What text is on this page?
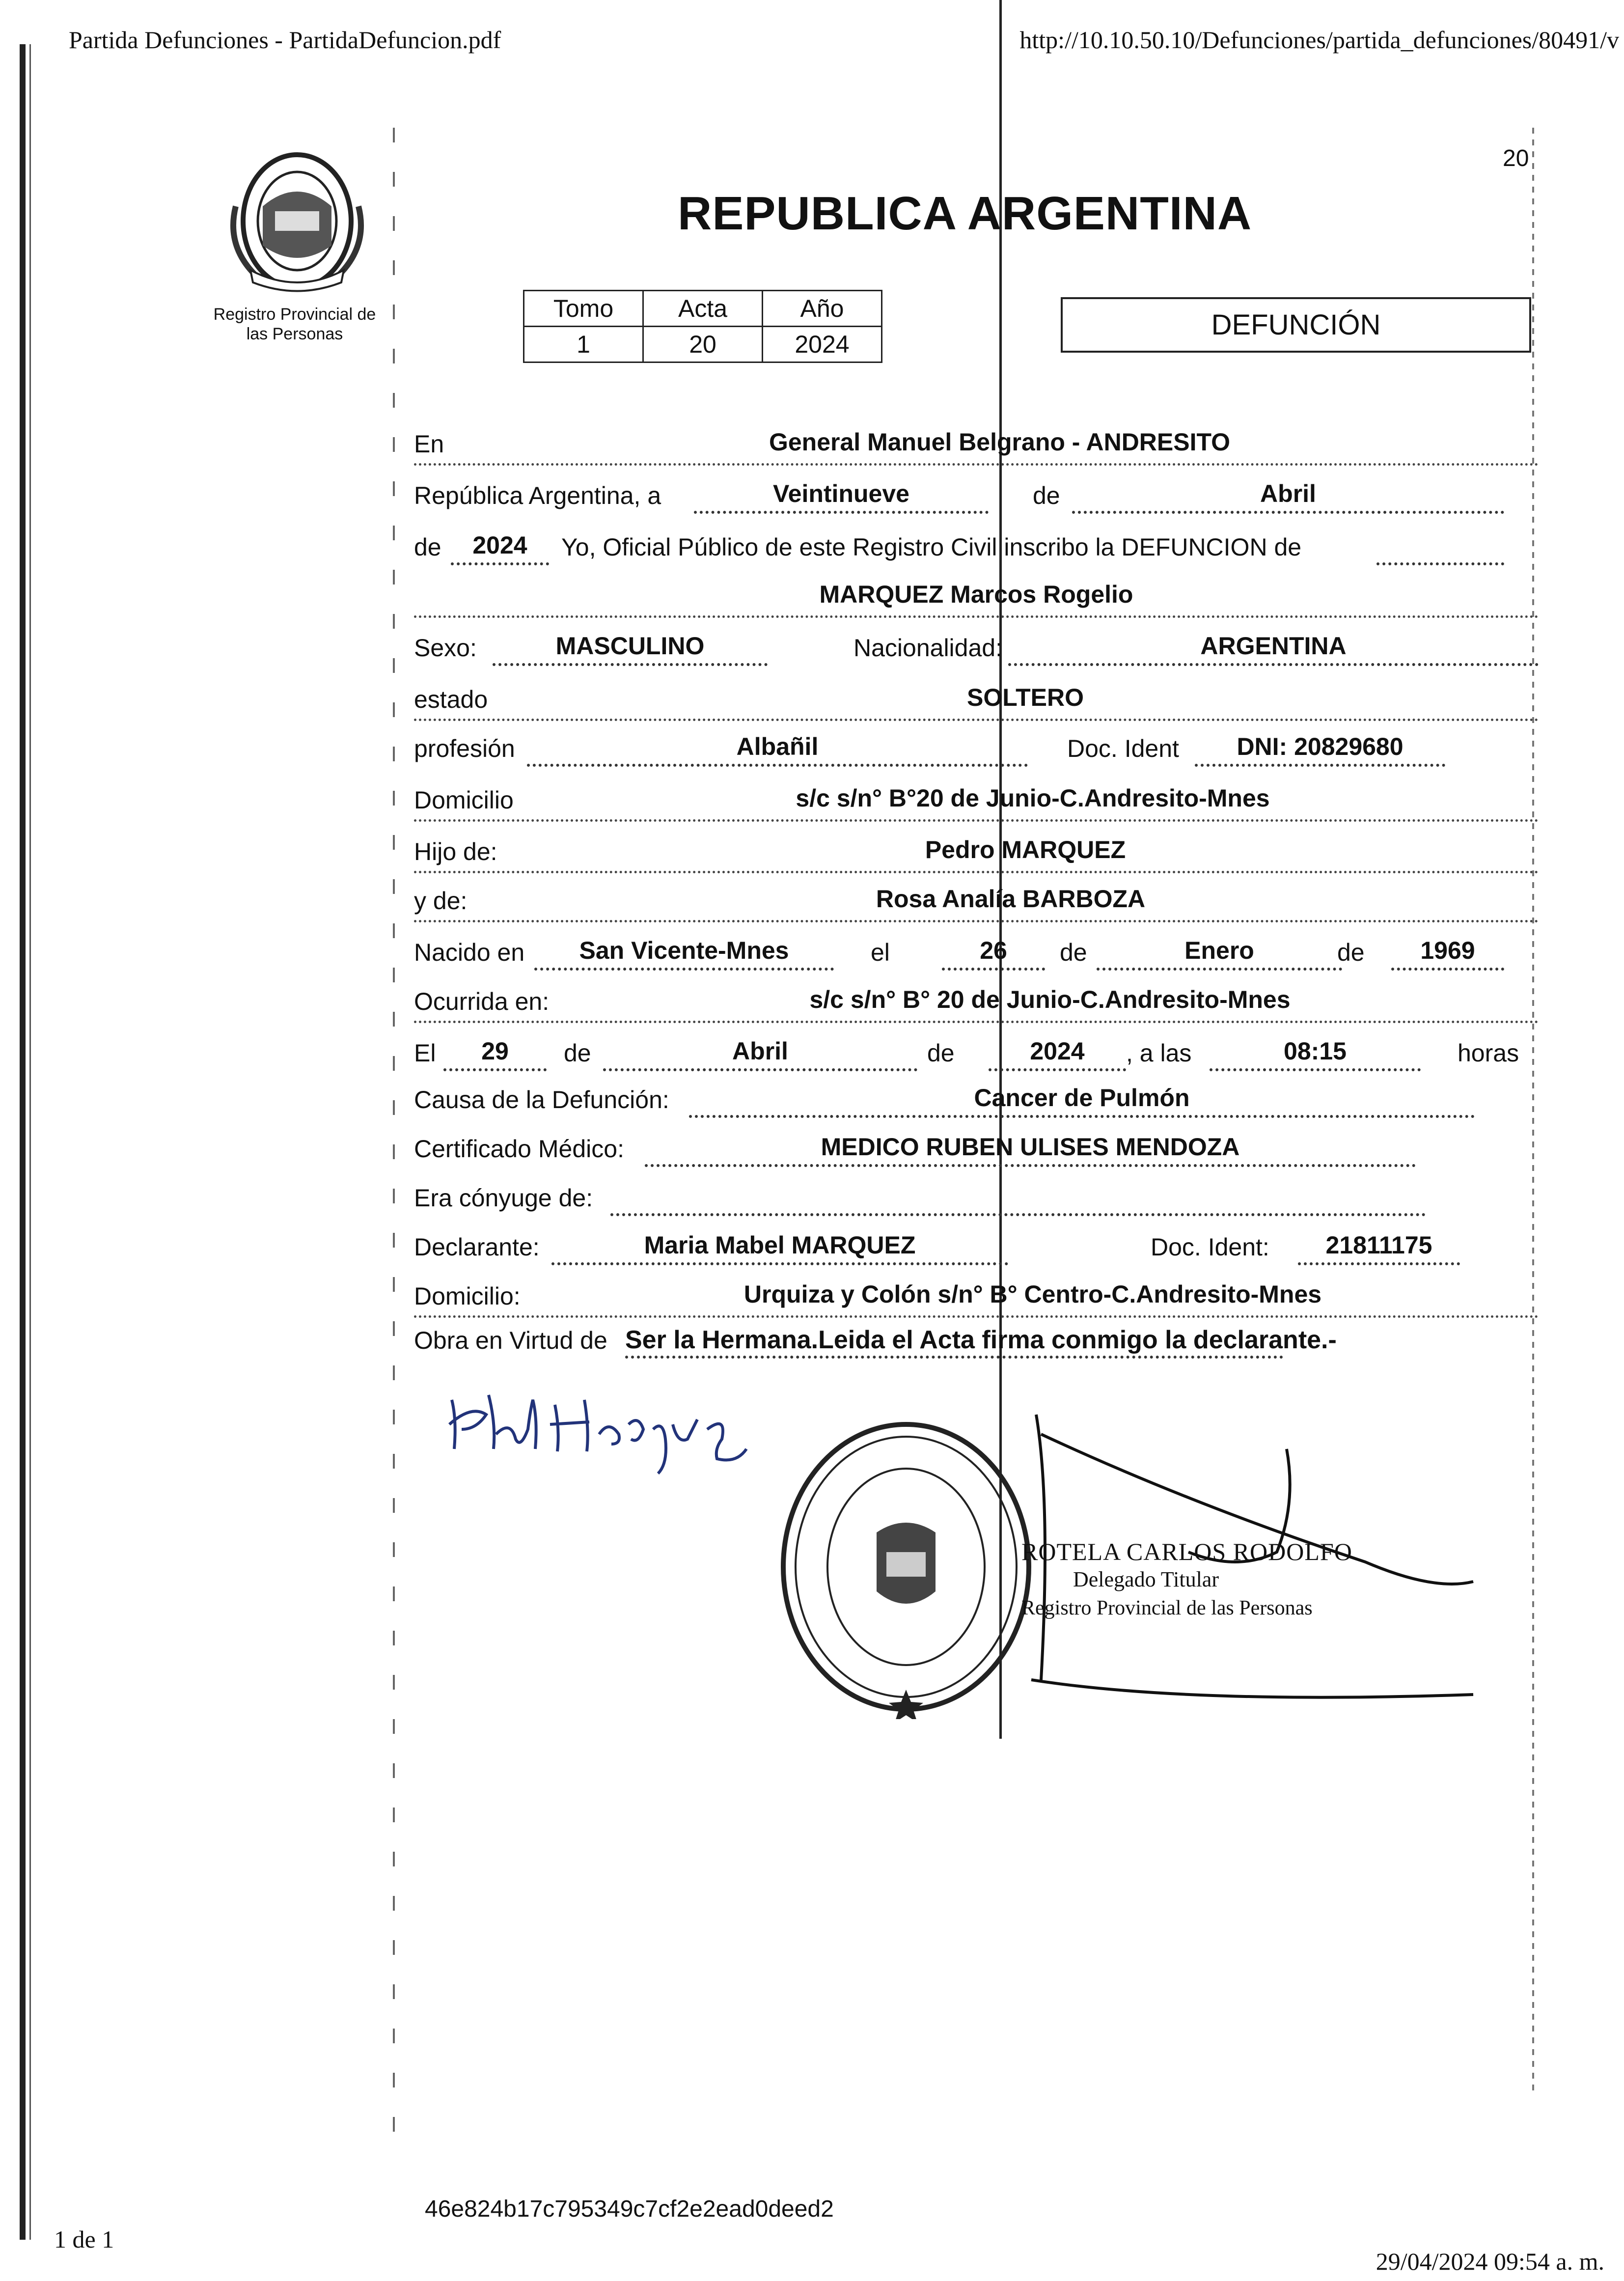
Partida Defunciones - PartidaDefuncion.pdf	http://10.10.50.10/Defunciones/partida_defunciones/80491/v
Registro Provincial de
las Personas
20
REPUBLICA ARGENTINA
Tomo	Acta	Año
1	20	2024
DEFUNCIÓN
En	General Manuel Belgrano - ANDRESITO
República Argentina, a	Veintinueve	de	Abril
de	2024	Yo, Oficial Público de este Registro Civil inscribo la DEFUNCION de
MARQUEZ Marcos Rogelio
Sexo:	MASCULINO	Nacionalidad:	ARGENTINA
estado	SOLTERO
profesión	Albañil	Doc. Ident	DNI: 20829680
Domicilio	s/c s/n° B°20 de Junio-C.Andresito-Mnes
Hijo de:	Pedro MARQUEZ
y de:	Rosa Analía BARBOZA
Nacido en	San Vicente-Mnes	el	26	de	Enero	de	1969
Ocurrida en:	s/c s/n° B° 20 de Junio-C.Andresito-Mnes
El	29	de	Abril	de	2024	, a las	08:15	horas
Causa de la Defunción:	Cancer de Pulmón
Certificado Médico:	MEDICO RUBEN ULISES MENDOZA
Era cónyuge de:
Declarante:	Maria Mabel MARQUEZ	Doc. Ident:	21811175
Domicilio:	Urquiza y Colón s/n° B° Centro-C.Andresito-Mnes
Obra en Virtud de Ser la Hermana.Leida el Acta firma conmigo la declarante.-
ROTELA CARLOS RODOLFO
Delegado Titular
Registro Provincial de las Personas
46e824b17c795349c7cf2e2ead0deed2
1 de 1
29/04/2024 09:54 a. m.
